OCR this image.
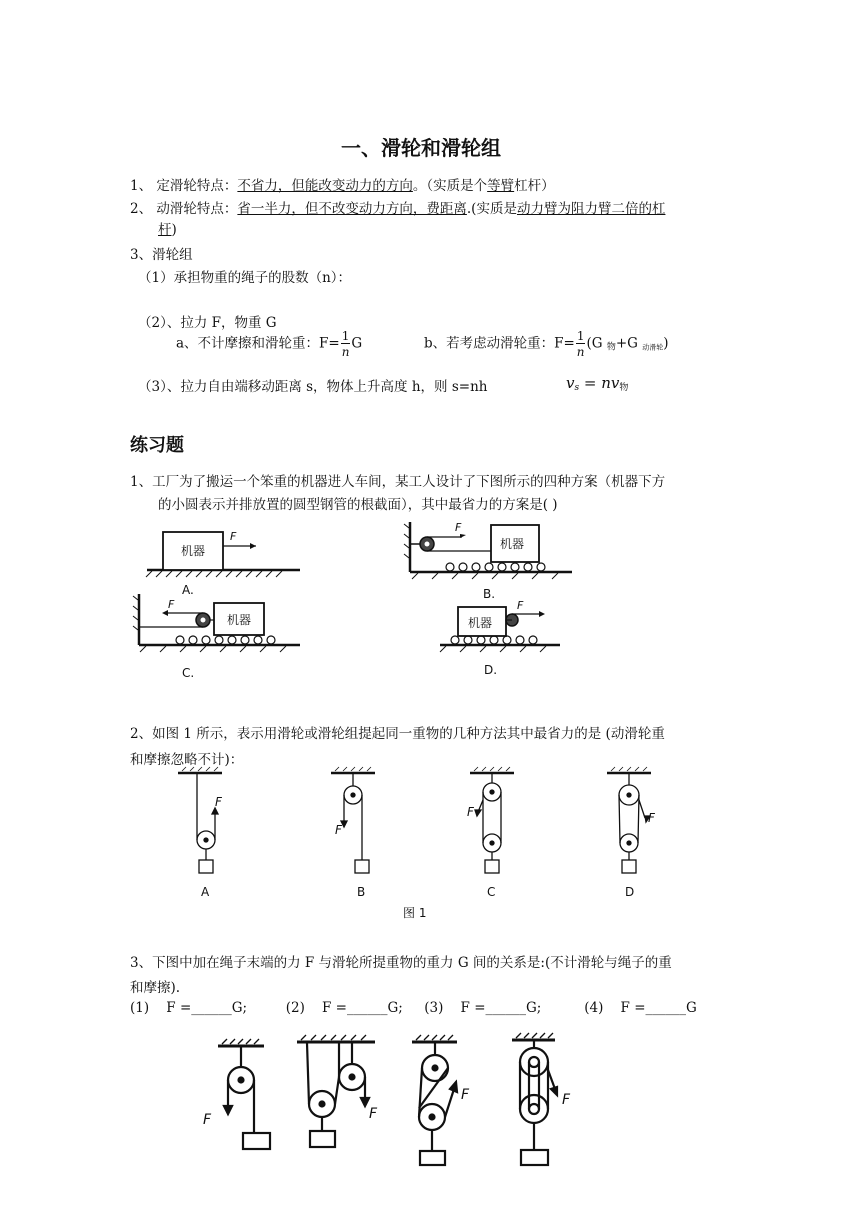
一、滑轮和滑轮组
1、 定滑轮特点：不省力，但能改变动力的方向。（实质是个等臂杠杆）
2、 动滑轮特点：省一半力，但不改变动力方向，费距离.(实质是动力臂为阻力臂二倍的杠
杆)
3、滑轮组
（1）承担物重的绳子的股数（n）：
（2）、拉力 F，物重 G
a、不计摩擦和滑轮重：$F= \frac{1}{n}$ G	b、若考虑动滑轮重：$F= \frac{1}{n} (G$ $_物$+G 动滑轮)
（3）、拉力自由端移动距离 s，物体上升高度 h，则 s=nh	$v_s = nv_物$
练习题
1、工厂为了搬运一个笨重的机器进人车间，某工人设计了下图所示的四种方案（机器下方
的小圆表示并排放置的圆型钢管的根截面），其中最省力的方案是( )
机器
F
A.
F
机器
B.
机器
F
C.
机器
F
D.
2、如图 1 所示，表示用滑轮或滑轮组提起同一重物的几种方法其中最省力的是 (动滑轮重
和摩擦忽略不计)：
F
F
F	F
A	B	C	D
图 1
3、下图中加在绳子末端的力 F 与滑轮所提重物的重力 G 间的关系是:(不计滑轮与绳子的重
和摩擦).
(1)    F =______G;         (2)    F =______G;     (3)    F =______G;          (4)    F =______G
F	F
F	F
